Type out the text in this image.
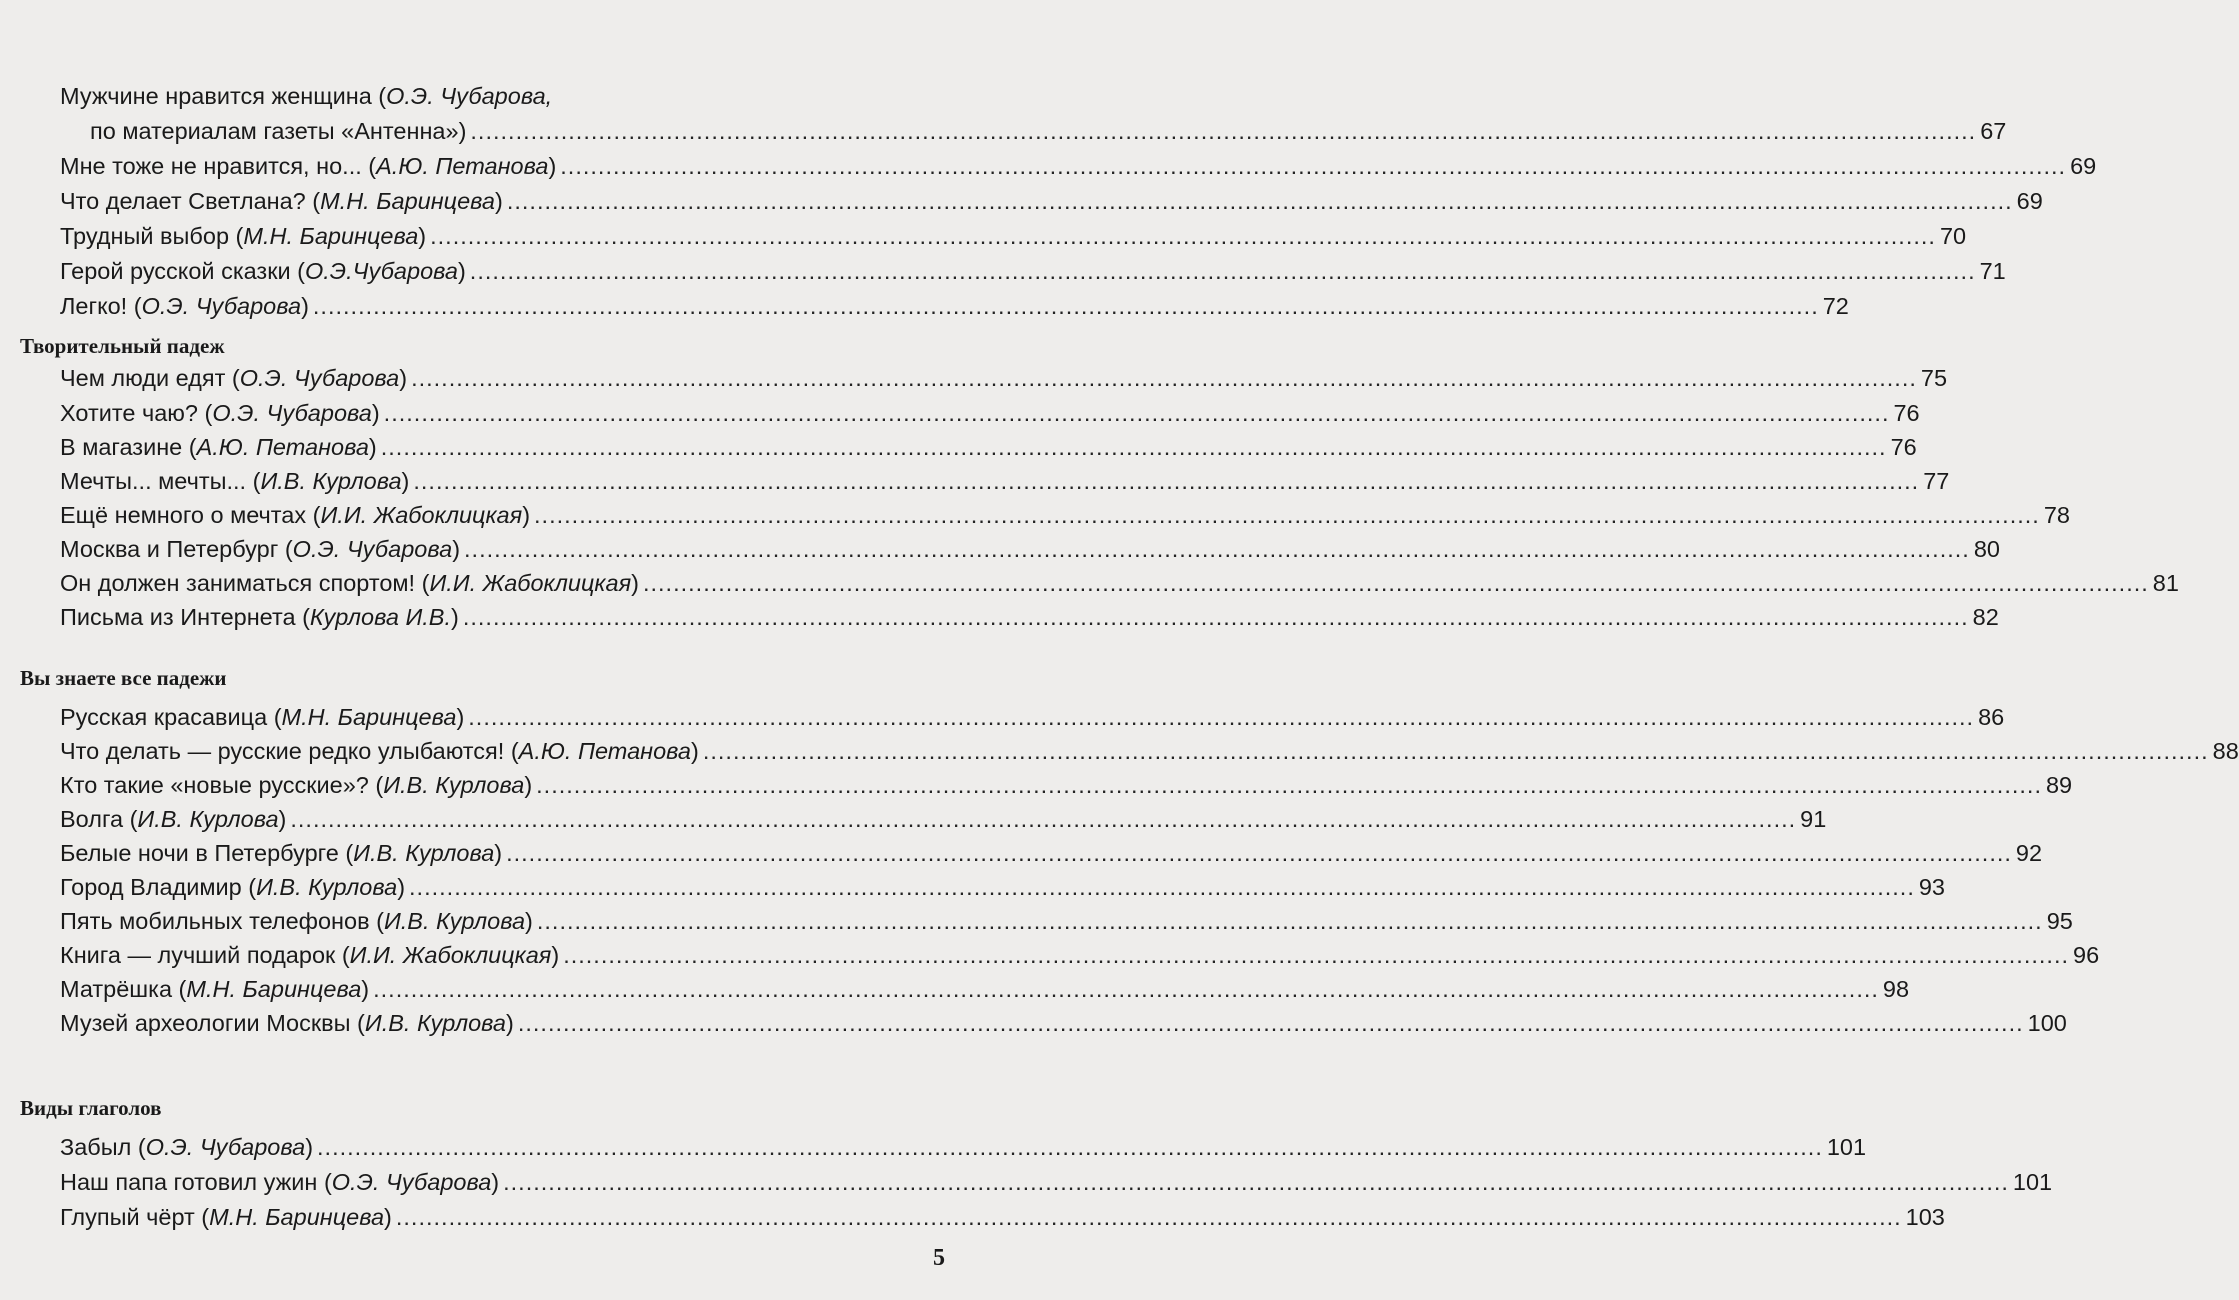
5
Мужчине нравится женщина (О.Э. Чубарова,
по материалам газеты «Антенна») ........................................................................................................................................................................................................ 67
Мне тоже не нравится, но... (А.Ю. Петанова) ........................................................................................................................................................................................................ 69
Что делает Светлана? (М.Н. Баринцева) ........................................................................................................................................................................................................ 69
Трудный выбор (М.Н. Баринцева) ........................................................................................................................................................................................................ 70
Герой русской сказки (О.Э.Чубарова) ........................................................................................................................................................................................................ 71
Легко! (О.Э. Чубарова) ........................................................................................................................................................................................................ 72
Творительный падеж
Чем люди едят (О.Э. Чубарова) ........................................................................................................................................................................................................ 75
Хотите чаю? (О.Э. Чубарова) ........................................................................................................................................................................................................ 76
В магазине (А.Ю. Петанова) ........................................................................................................................................................................................................ 76
Мечты... мечты... (И.В. Курлова) ........................................................................................................................................................................................................ 77
Ещё немного о мечтах (И.И. Жабоклицкая) ........................................................................................................................................................................................................ 78
Москва и Петербург (О.Э. Чубарова) ........................................................................................................................................................................................................ 80
Он должен заниматься спортом! (И.И. Жабоклицкая) ........................................................................................................................................................................................................ 81
Письма из Интернета (Курлова И.В.) ........................................................................................................................................................................................................ 82
Вы знаете все падежи
Русская красавица (М.Н. Баринцева) ........................................................................................................................................................................................................ 86
Что делать — русские редко улыбаются! (А.Ю. Петанова) ........................................................................................................................................................................................................ 88
Кто такие «новые русские»? (И.В. Курлова) ........................................................................................................................................................................................................ 89
Волга (И.В. Курлова) ........................................................................................................................................................................................................ 91
Белые ночи в Петербурге (И.В. Курлова) ........................................................................................................................................................................................................ 92
Город Владимир (И.В. Курлова) ........................................................................................................................................................................................................ 93
Пять мобильных телефонов (И.В. Курлова) ........................................................................................................................................................................................................ 95
Книга — лучший подарок (И.И. Жабоклицкая) ........................................................................................................................................................................................................ 96
Матрёшка (М.Н. Баринцева) ........................................................................................................................................................................................................ 98
Музей археологии Москвы (И.В. Курлова) ........................................................................................................................................................................................................ 100
Виды глаголов
Забыл (О.Э. Чубарова) ........................................................................................................................................................................................................ 101
Наш папа готовил ужин (О.Э. Чубарова) ........................................................................................................................................................................................................ 101
Глупый чёрт (М.Н. Баринцева) ........................................................................................................................................................................................................ 103
